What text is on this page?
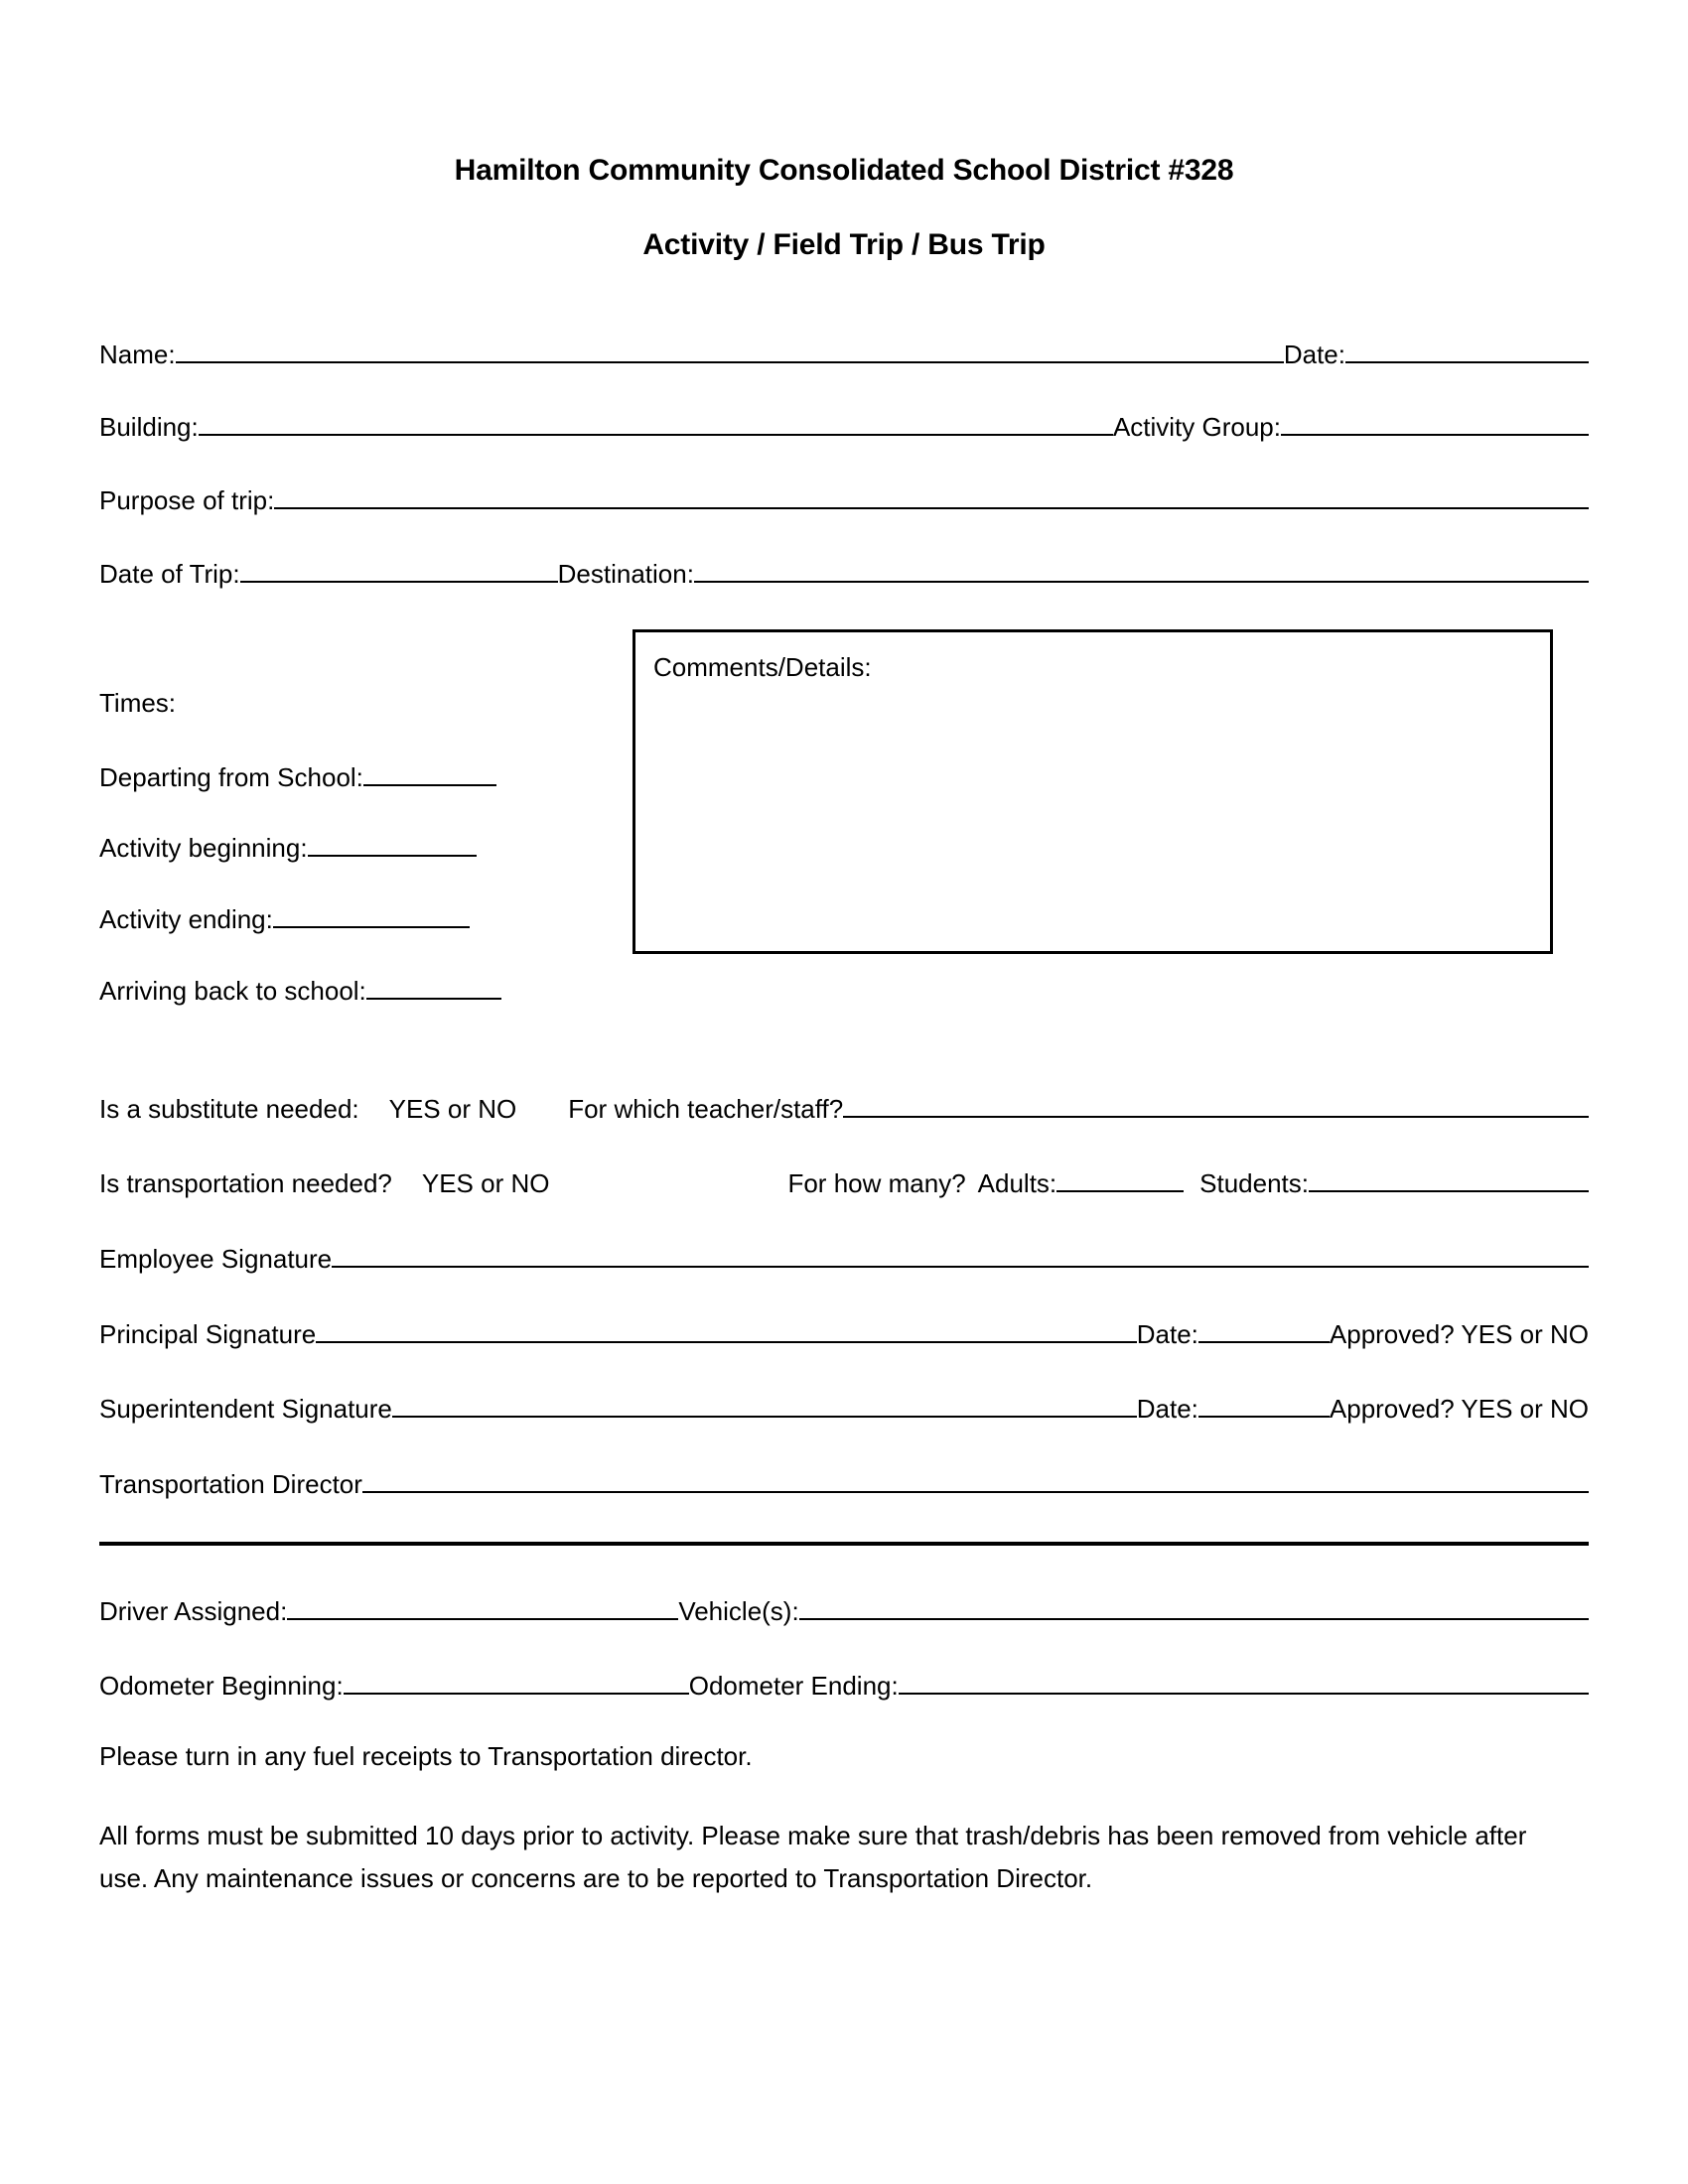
Hamilton Community Consolidated School District #328
Activity / Field Trip / Bus Trip
Name:	Date:
Building:	Activity Group:
Purpose of trip:
Date of Trip:	Destination:
Times:
Departing from School:
Activity beginning:
Activity ending:
Arriving back to school:
Comments/Details:
Is a substitute needed: YES or NO For which teacher/staff?
Is transportation needed? YES or NO	For how many? Adults:	Students:
Employee Signature
Principal Signature	Date:	Approved? YES or NO
Superintendent Signature	Date:	Approved? YES or NO
Transportation Director
Driver Assigned:	Vehicle(s):
Odometer Beginning:	Odometer Ending:
Please turn in any fuel receipts to Transportation director.
All forms must be submitted 10 days prior to activity. Please make sure that trash/debris has been removed from vehicle after use. Any maintenance issues or concerns are to be reported to Transportation Director.
